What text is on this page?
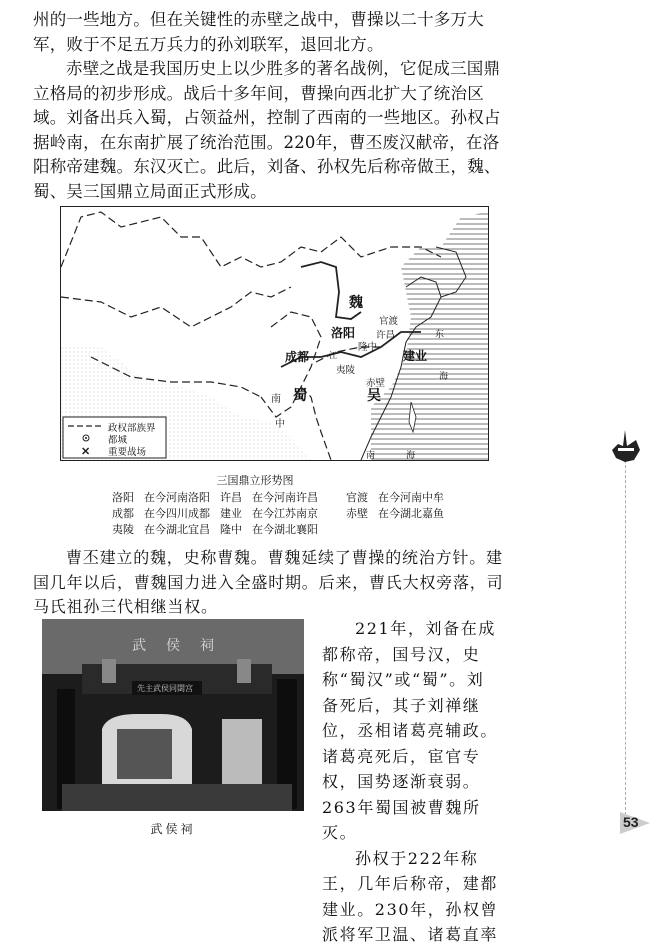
州的一些地方。但在关键性的赤壁之战中，曹操以二十多万大军，败于不足五万兵力的孙刘联军，退回北方。

赤壁之战是我国历史上以少胜多的著名战例，它促成三国鼎立格局的初步形成。战后十多年间，曹操向西北扩大了统治区域。刘备出兵入蜀，占领益州，控制了西南的一些地区。孙权占据岭南，在东南扩展了统治范围。220年，曹丕废汉献帝，在洛阳称帝建魏。东汉灭亡。此后，刘备、孙权先后称帝做王，魏、蜀、吴三国鼎立局面正式形成。

✕
政权部族界
都城
重要战场
魏
蜀	吴
洛阳
成都	建业
许昌
官渡
隆中
夷陵
赤壁
南
中
东
海
南	海
江
三国鼎立形势图
洛阳	在今河南洛阳	许昌	在今河南许昌	官渡	在今河南中牟
成都	在今四川成都	建业	在今江苏南京	赤壁	在今湖北嘉鱼
夷陵	在今湖北宜昌	隆中	在今湖北襄阳		

曹丕建立的魏，史称曹魏。曹魏延续了曹操的统治方针。建国几年以后，曹魏国力进入全盛时期。后来，曹氏大权旁落，司马氏祖孙三代相继当权。

武侯祠
先主武侯同閟宫
武侯祠

221年，刘备在成都称帝，国号汉，史称“蜀汉”或“蜀”。刘备死后，其子刘禅继位，丞相诸葛亮辅政。诸葛亮死后，宦官专权，国势逐渐衰弱。263年蜀国被曹魏所灭。

孙权于222年称王，几年后称帝，建都建业。230年，孙权曾派将军卫温、诸葛直率

53
